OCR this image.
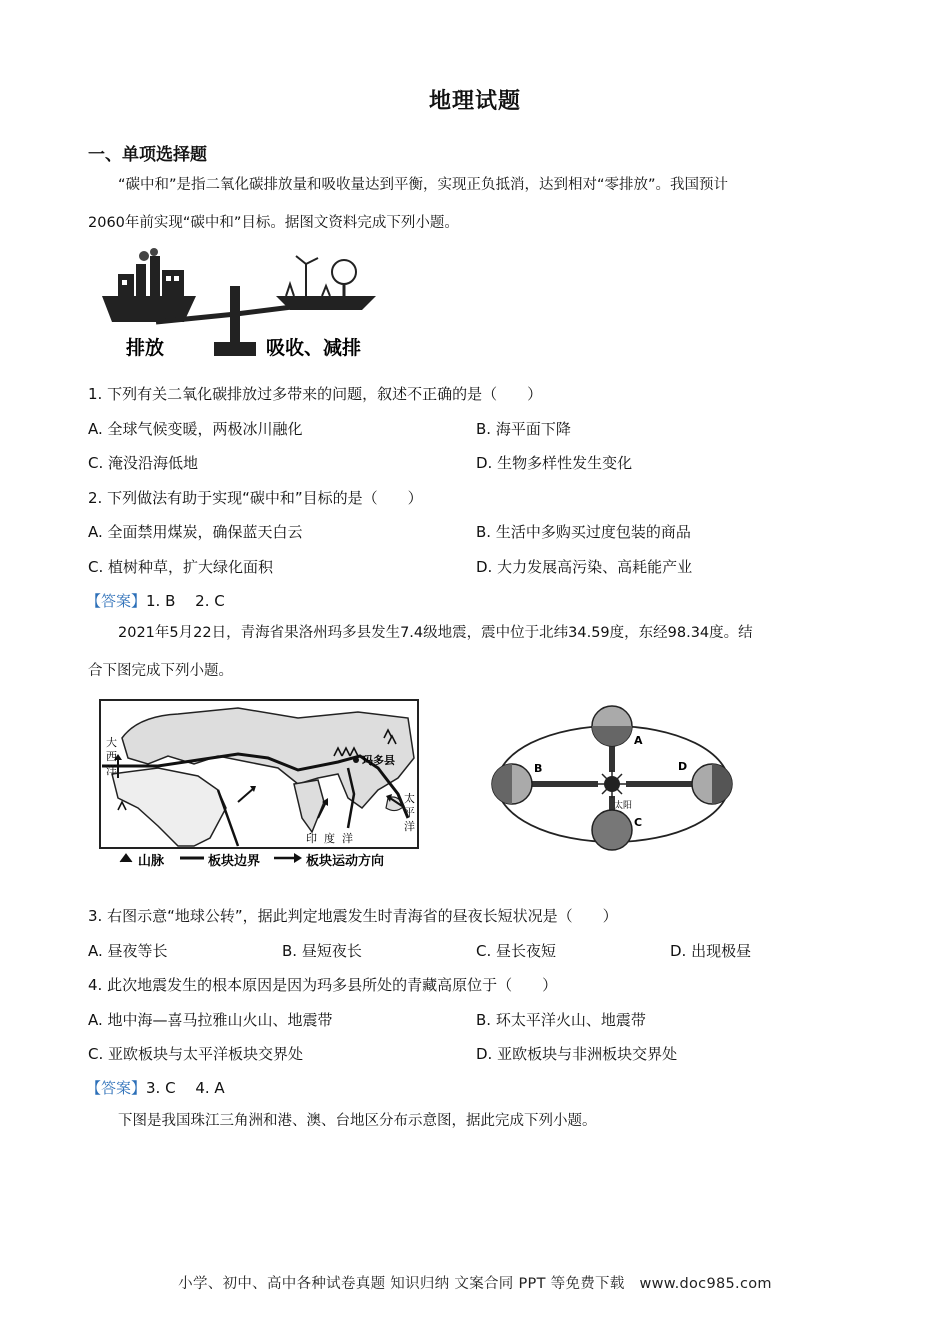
地理试题
一、单项选择题
“碳中和”是指二氧化碳排放量和吸收量达到平衡，实现正负抵消，达到相对“零排放”。我国预计
2060年前实现“碳中和”目标。据图文资料完成下列小题。
排放	吸收、减排
1. 下列有关二氧化碳排放过多带来的问题，叙述不正确的是（　　）
A. 全球气候变暖，两极冰川融化	B. 海平面下降
C. 淹没沿海低地	D. 生物多样性发生变化
2. 下列做法有助于实现“碳中和”目标的是（　　）
A. 全面禁用煤炭，确保蓝天白云	B. 生活中多购买过度包装的商品
C. 植树种草，扩大绿化面积	D. 大力发展高污染、高耗能产业
【答案】1. B　 2. C
2021年5月22日，青海省果洛州玛多县发生7.4级地震，震中位于北纬34.59度，东经98.34度。结
合下图完成下列小题。
玛多县
大
西
洋
太
平
洋
印 度 洋
山脉	板块边界	板块运动方向
太阳
A
B
C
D
3. 右图示意“地球公转”，据此判定地震发生时青海省的昼夜长短状况是（　　）
A. 昼夜等长	B. 昼短夜长	C. 昼长夜短	D. 出现极昼
4. 此次地震发生的根本原因是因为玛多县所处的青藏高原位于（　　）
A. 地中海—喜马拉雅山火山、地震带	B. 环太平洋火山、地震带
C. 亚欧板块与太平洋板块交界处	D. 亚欧板块与非洲板块交界处
【答案】3. C　 4. A
下图是我国珠江三角洲和港、澳、台地区分布示意图，据此完成下列小题。
小学、初中、高中各种试卷真题 知识归纳 文案合同 PPT 等免费下载　www.doc985.com
